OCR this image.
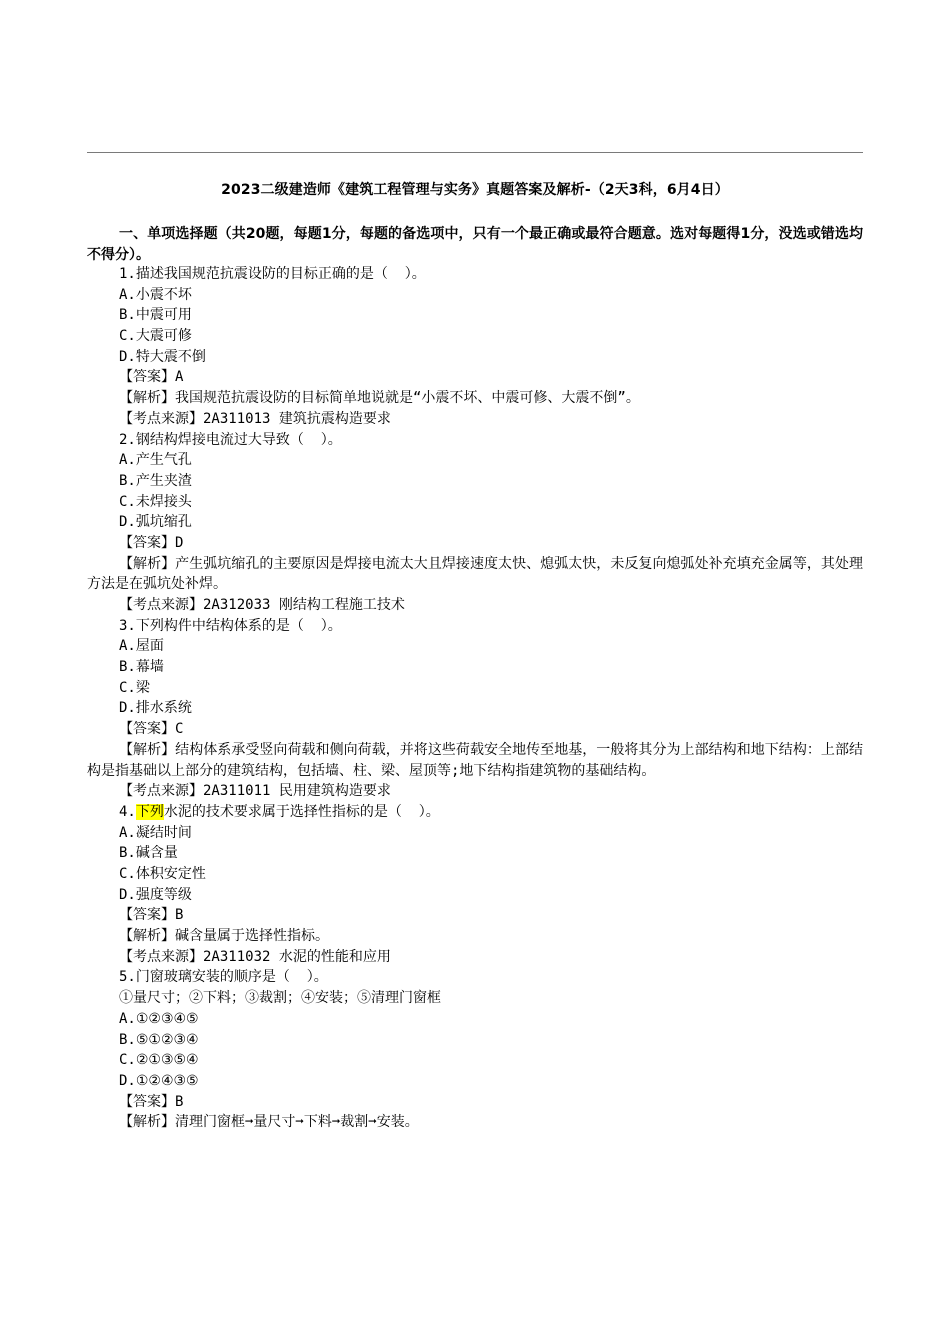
2023二级建造师《建筑工程管理与实务》真题答案及解析-（2天3科，6月4日）
一、单项选择题（共20题，每题1分，每题的备选项中，只有一个最正确或最符合题意。选对每题得1分，没选或错选均不得分）。
1.描述我国规范抗震设防的目标正确的是（  ）。
A.小震不坏
B.中震可用
C.大震可修
D.特大震不倒
【答案】A
【解析】我国规范抗震设防的目标简单地说就是“小震不坏、中震可修、大震不倒”。
【考点来源】2A311013 建筑抗震构造要求
2.钢结构焊接电流过大导致（  ）。
A.产生气孔
B.产生夹渣
C.未焊接头
D.弧坑缩孔
【答案】D
【解析】产生弧坑缩孔的主要原因是焊接电流太大且焊接速度太快、熄弧太快，未反复向熄弧处补充填充金属等，其处理方法是在弧坑处补焊。
【考点来源】2A312033 刚结构工程施工技术
3.下列构件中结构体系的是（  ）。
A.屋面
B.幕墙
C.梁
D.排水系统
【答案】C
【解析】结构体系承受竖向荷载和侧向荷载，并将这些荷载安全地传至地基，一般将其分为上部结构和地下结构：上部结构是指基础以上部分的建筑结构，包括墙、柱、梁、屋顶等;地下结构指建筑物的基础结构。
【考点来源】2A311011 民用建筑构造要求
4.下列水泥的技术要求属于选择性指标的是（  ）。
A.凝结时间
B.碱含量
C.体积安定性
D.强度等级
【答案】B
【解析】碱含量属于选择性指标。
【考点来源】2A311032 水泥的性能和应用
5.门窗玻璃安装的顺序是（  ）。
①量尺寸；②下料；③裁割；④安装；⑤清理门窗框
A.①②③④⑤
B.⑤①②③④
C.②①③⑤④
D.①②④③⑤
【答案】B
【解析】清理门窗框➞量尺寸➞下料➞裁割➞安装。
